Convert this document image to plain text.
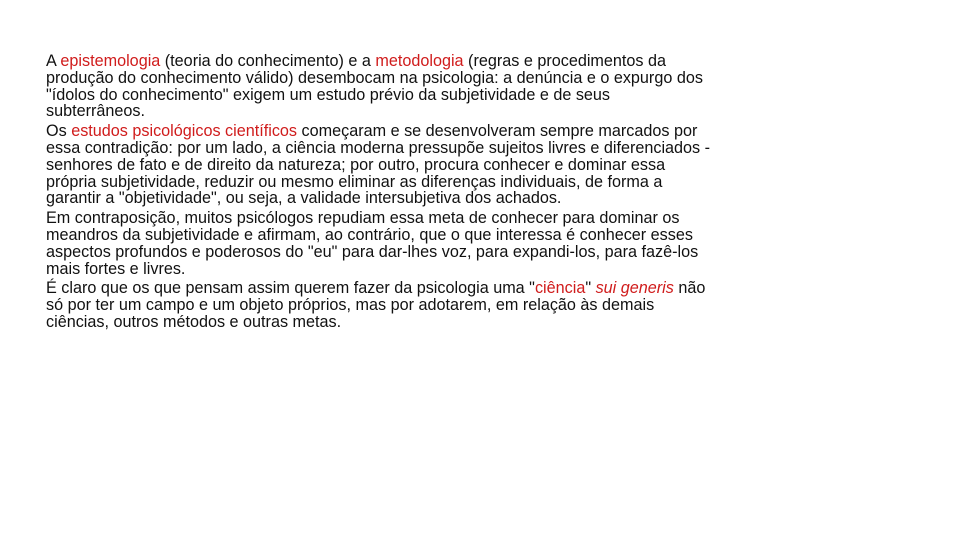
A epistemologia (teoria do conhecimento) e a metodologia (regras e procedimentos da
produção do conhecimento válido) desembocam na psicologia: a denúncia e o expurgo dos
"ídolos do conhecimento" exigem um estudo prévio da subjetividade e de seus
subterrâneos.

Os estudos psicológicos científicos começaram e se desenvolveram sempre marcados por
essa contradição: por um lado, a ciência moderna pressupõe sujeitos livres e diferenciados -
senhores de fato e de direito da natureza; por outro, procura conhecer e dominar essa
própria subjetividade, reduzir ou mesmo eliminar as diferenças individuais, de forma a
garantir a "objetividade", ou seja, a validade intersubjetiva dos achados.

Em contraposição, muitos psicólogos repudiam essa meta de conhecer para dominar os
meandros da subjetividade e afirmam, ao contrário, que o que interessa é conhecer esses
aspectos profundos e poderosos do "eu" para dar-lhes voz, para expandi-los, para fazê-los
mais fortes e livres.

É claro que os que pensam assim querem fazer da psicologia uma "ciência" sui generis não
só por ter um campo e um objeto próprios, mas por adotarem, em relação às demais
ciências, outros métodos e outras metas.
